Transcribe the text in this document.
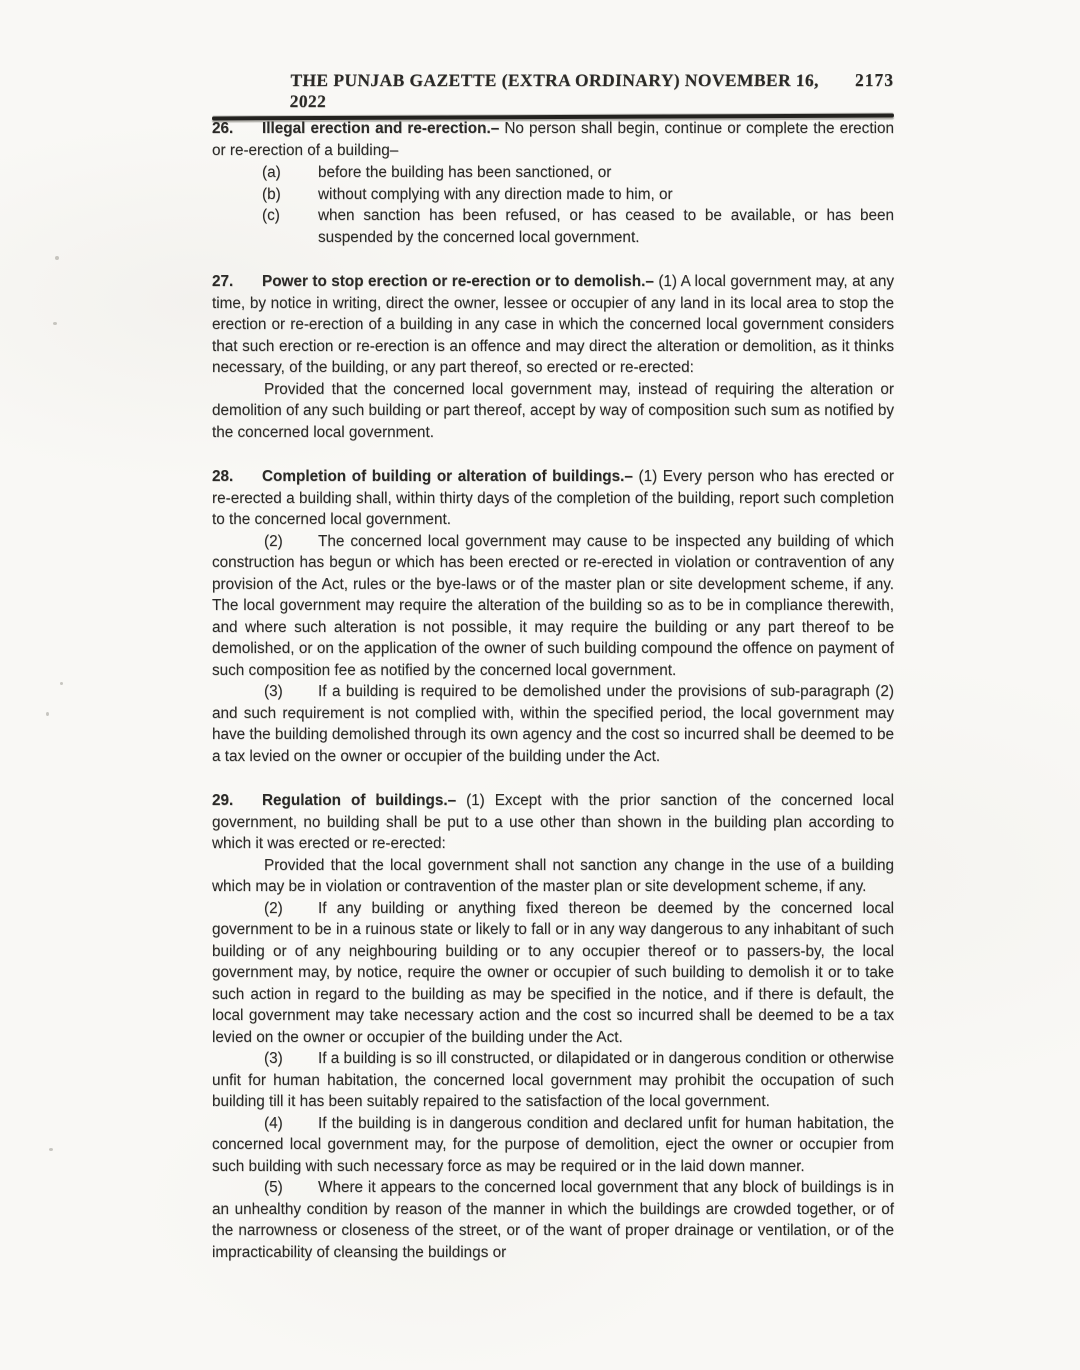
THE PUNJAB GAZETTE (EXTRA ORDINARY) NOVEMBER 16, 2022
2173

26. Illegal erection and re-erection.– No person shall begin, continue or complete the erection or re-erection of a building–

(a)	before the building has been sanctioned, or
(b)	without complying with any direction made to him, or
(c)	when sanction has been refused, or has ceased to be available, or has been suspended by the concerned local government.

27. Power to stop erection or re-erection or to demolish.– (1) A local government may, at any time, by notice in writing, direct the owner, lessee or occupier of any land in its local area to stop the erection or re-erection of a building in any case in which the concerned local government considers that such erection or re-erection is an offence and may direct the alteration or demolition, as it thinks necessary, of the building, or any part thereof, so erected or re-erected:

Provided that the concerned local government may, instead of requiring the alteration or demolition of any such building or part thereof, accept by way of composition such sum as notified by the concerned local government.

28. Completion of building or alteration of buildings.– (1) Every person who has erected or re-erected a building shall, within thirty days of the completion of the building, report such completion to the concerned local government.

(2) The concerned local government may cause to be inspected any building of which construction has begun or which has been erected or re-erected in violation or contravention of any provision of the Act, rules or the bye-laws or of the master plan or site development scheme, if any. The local government may require the alteration of the building so as to be in compliance therewith, and where such alteration is not possible, it may require the building or any part thereof to be demolished, or on the application of the owner of such building compound the offence on payment of such composition fee as notified by the concerned local government.

(3) If a building is required to be demolished under the provisions of sub-paragraph (2) and such requirement is not complied with, within the specified period, the local government may have the building demolished through its own agency and the cost so incurred shall be deemed to be a tax levied on the owner or occupier of the building under the Act.

29. Regulation of buildings.– (1) Except with the prior sanction of the concerned local government, no building shall be put to a use other than shown in the building plan according to which it was erected or re-erected:

Provided that the local government shall not sanction any change in the use of a building which may be in violation or contravention of the master plan or site development scheme, if any.

(2) If any building or anything fixed thereon be deemed by the concerned local government to be in a ruinous state or likely to fall or in any way dangerous to any inhabitant of such building or of any neighbouring building or to any occupier thereof or to passers-by, the local government may, by notice, require the owner or occupier of such building to demolish it or to take such action in regard to the building as may be specified in the notice, and if there is default, the local government may take necessary action and the cost so incurred shall be deemed to be a tax levied on the owner or occupier of the building under the Act.

(3) If a building is so ill constructed, or dilapidated or in dangerous condition or otherwise unfit for human habitation, the concerned local government may prohibit the occupation of such building till it has been suitably repaired to the satisfaction of the local government.

(4) If the building is in dangerous condition and declared unfit for human habitation, the concerned local government may, for the purpose of demolition, eject the owner or occupier from such building with such necessary force as may be required or in the laid down manner.

(5) Where it appears to the concerned local government that any block of buildings is in an unhealthy condition by reason of the manner in which the buildings are crowded together, or of the narrowness or closeness of the street, or of the want of proper drainage or ventilation, or of the impracticability of cleansing the buildings or
